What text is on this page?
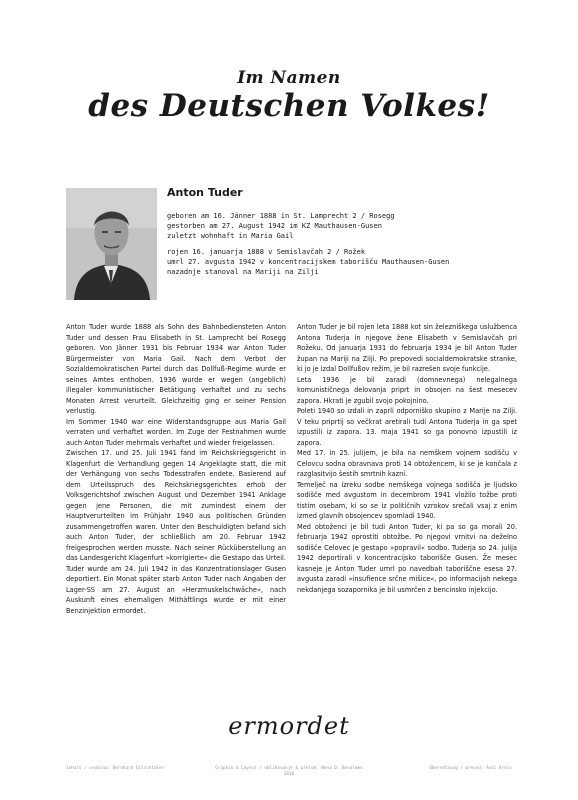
Im Namen
des Deutschen Volkes!
Anton Tuder
geboren am 16. Jänner 1888 in St. Lamprecht 2 / Rosegg
gestorben am 27. August 1942 im KZ Mauthausen-Gusen
zuletzt wohnhaft in Maria Gail
rojen 16. januarja 1888 v Semislavčah 2 / Rožek
umrl 27. avgusta 1942 v koncentracijskem taborišču Mauthausen-Gusen
nazadnje stanoval na Mariji na Zilji

Anton Tuder wurde 1888 als Sohn des Bahnbediensteten Anton Tuder und dessen Frau Elisabeth in St. Lamprecht bei Rosegg geboren. Von Jänner 1931 bis Februar 1934 war Anton Tuder Bürgermeister von Maria Gail. Nach dem Verbot der Sozialdemokratischen Partei durch das Dollfuß-Regime wurde er seines Amtes enthoben. 1936 wurde er wegen (angeblich) illegaler kommunistischer Betätigung verhaftet und zu sechs Monaten Arrest verurteilt. Gleichzeitig ging er seiner Pension verlustig.

Im Sommer 1940 war eine Widerstandsgruppe aus Maria Gail verraten und verhaftet worden. Im Zuge der Festnahmen wurde auch Anton Tuder mehrmals verhaftet und wieder freigelassen.

Zwischen 17. und 25. Juli 1941 fand im Reichskriegsgericht in Klagenfurt die Verhandlung gegen 14 Angeklagte statt, die mit der Verhängung von sechs Todesstrafen endete. Basierend auf dem Urteilsspruch des Reichskriegsgerichtes erhob der Volksgerichtshof zwischen August und Dezember 1941 Anklage gegen jene Personen, die mit zumindest einem der Hauptverurteilten im Frühjahr 1940 aus politischen Gründen zusammengetroffen waren. Unter den Beschuldigten befand sich auch Anton Tuder, der schließlich am 20. Februar 1942 freigesprochen werden musste. Nach seiner Rücküberstellung an das Landesgericht Klagenfurt »korrigierte« die Gestapo das Urteil. Tuder wurde am 24. Juli 1942 in das Konzentrationslager Gusen deportiert. Ein Monat später starb Anton Tuder nach Angaben der Lager-SS am 27. August an »Herzmuskelschwäche«, nach Auskunft eines ehemaligen Mithäftlings wurde er mit einer Benzinjektion ermordet.

Anton Tuder je bil rojen leta 1888 kot sin železniškega uslužbenca Antona Tuderja in njegove žene Elisabeth v Semislavčah pri Rožeku. Od januarja 1931 do februarja 1934 je bil Anton Tuder župan na Mariji na Zilji. Po prepovedi socialdemokratske stranke, ki jo je izdal Dollfußov režim, je bil razrešen svoje funkcije.

Leta 1936 je bil zaradi (domnevnega) nelegalnega komunističnega delovanja priprt in obsojen na šest mesecev zapora. Hkrati je zgubil svojo pokojnino.

Poleti 1940 so izdali in zaprli odporniško skupino z Marije na Zilji. V teku priprtij so večkrat aretirali tudi Antona Tuderja in ga spet izpustili iz zapora. 13. maja 1941 so ga ponovno izpustili iz zapora.

Med 17. in 25. julijem, je bila na nemškem vojnem sodišču v Celovcu sodna obravnava proti 14 obtožencem, ki se je končala z razglasitvijo šestih smrtnih kazni.

Temelječ na izreku sodbe nemškega vojnega sodišča je ljudsko sodišče med avgustom in decembrom 1941 vložilo tožbe proti tistim osebam, ki so se iz političnih vzrokov srečali vsaj z enim izmed glavnih obsojencev spomladi 1940.

Med obtoženci je bil tudi Anton Tuder, ki pa so ga morali 20. februarja 1942 oprostiti obtožbe. Po njegovi vrnitvi na deželno sodišče Celovec je gestapo »popravil« sodbo. Tuderja so 24. julija 1942 deportirali v koncentracijsko taborišče Gusen. Že mesec kasneje je Anton Tuder umrl po navedbah taboriščne esesa 27. avgusta zaradi »insufience srčne mišice«, po informacijah nekega nekdanjega sozapornika je bil usmrčen z bencinsko injekcijo.

ermordet
Inhalt / vsebina: Bernhard Gitschtaler	Graphik & Layout / oblikovanje & prelom: Nena D. Benolmen
2016
Übersetzung / prevod: Andi Kreis
